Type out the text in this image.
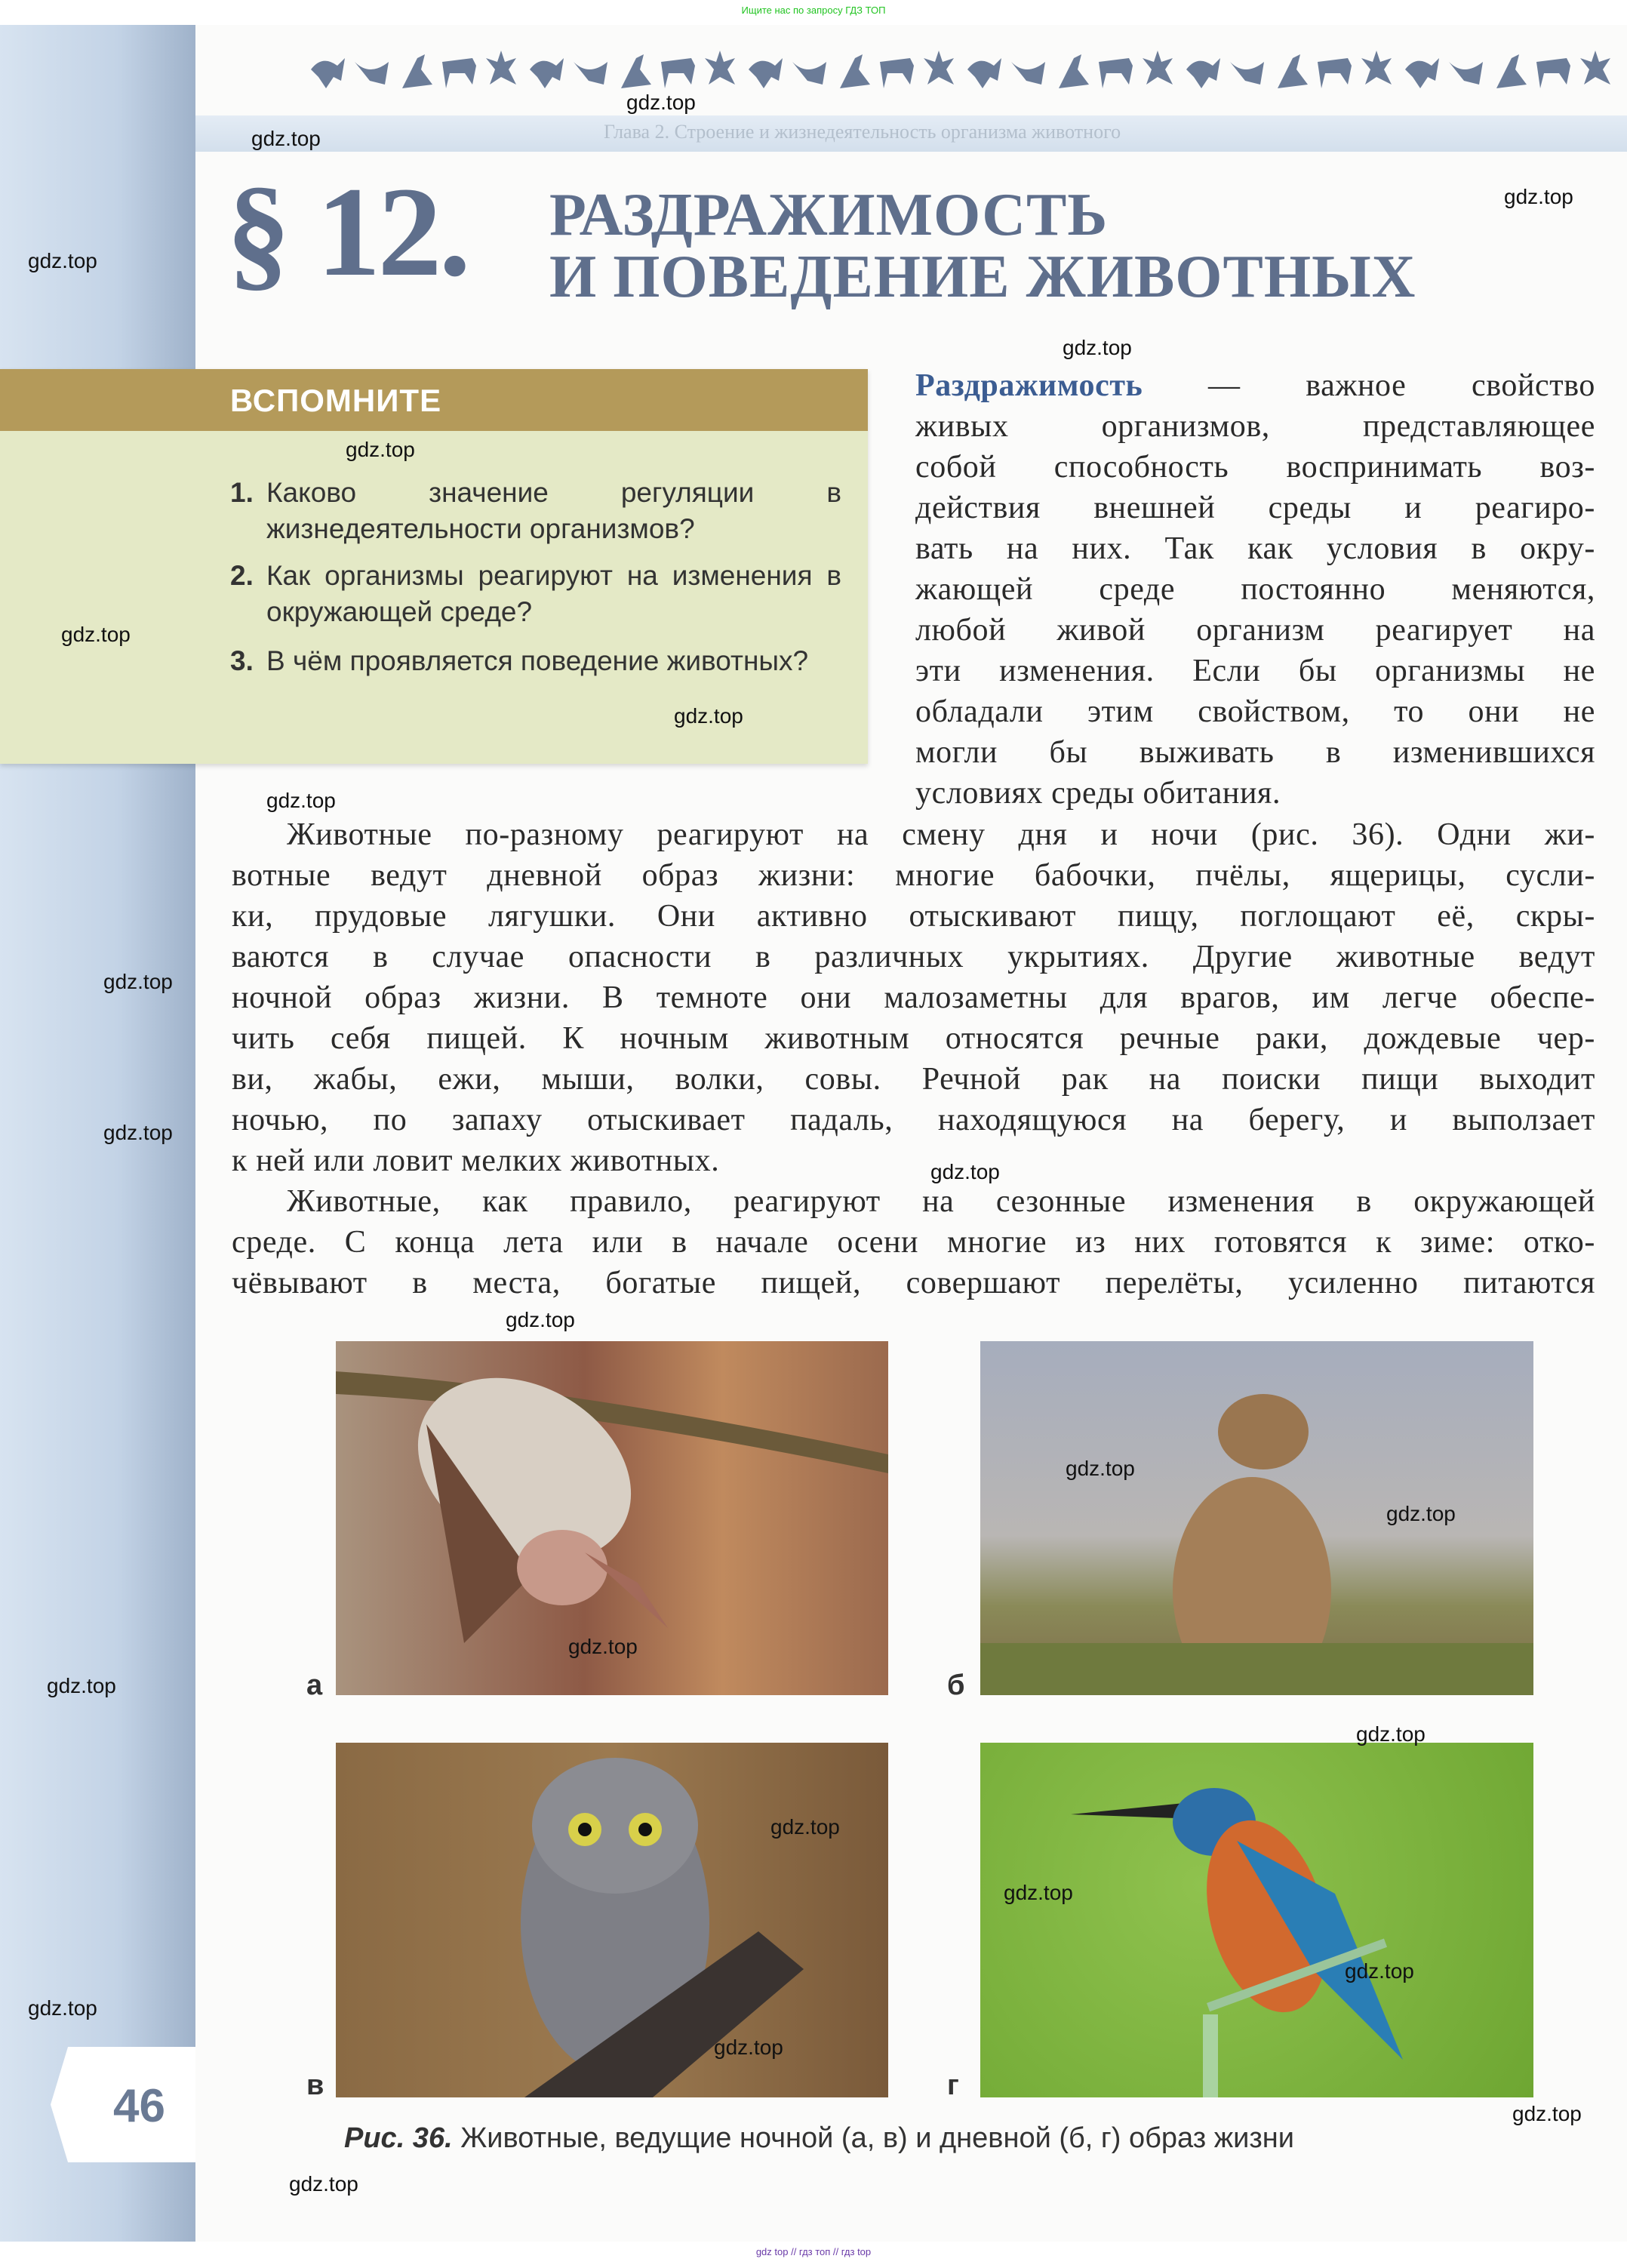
Ищите нас по запросу ГДЗ ТОП
Глава 2. Строение и жизнедеятельность организма животного
§ 12. РАЗДРАЖИМОСТЬ
И ПОВЕДЕНИЕ ЖИВОТНЫХ
ВСПОМНИТЕ
1. Каково значение регуляции в жизнедеятельности организмов?
2. Как организмы реагируют на изменения в окружающей среде?
3. В чём проявляется поведение животных?
Раздражимость — важное свойство
живых организмов, представляющее
собой способность воспринимать воз-
действия внешней среды и реагиро-
вать на них. Так как условия в окру-
жающей среде постоянно меняются,
любой живой организм реагирует на
эти изменения. Если бы организмы не
обладали этим свойством, то они не
могли бы выживать в изменившихся
условиях среды обитания.
Животные по-разному реагируют на смену дня и ночи (рис. 36). Одни жи-
вотные ведут дневной образ жизни: многие бабочки, пчёлы, ящерицы, сусли-
ки, прудовые лягушки. Они активно отыскивают пищу, поглощают её, скры-
ваются в случае опасности в различных укрытиях. Другие животные ведут
ночной образ жизни. В темноте они малозаметны для врагов, им легче обеспе-
чить себя пищей. К ночным животным относятся речные раки, дождевые чер-
ви, жабы, ежи, мыши, волки, совы. Речной рак на поиски пищи выходит
ночью, по запаху отыскивает падаль, находящуюся на берегу, и выползает
к ней или ловит мелких животных.
Животные, как правило, реагируют на сезонные изменения в окружающей
среде. С конца лета или в начале осени многие из них готовятся к зиме: отко-
чёвывают в места, богатые пищей, совершают перелёты, усиленно питаются
а	б
в	г
Рис. 36. Животные, ведущие ночной (а, в) и дневной (б, г) образ жизни
46
gdz.top
gdz.top
gdz.top
gdz.top
gdz.top
gdz.top
gdz.top
gdz.top
gdz.top
gdz.top
gdz.top
gdz.top
gdz.top
gdz.top
gdz.top
gdz.top
gdz.top
gdz.top
gdz.top
gdz.top
gdz.top
gdz.top
gdz.top
gdz.top
gdz.top
gdz top // гдз топ // гдз top
